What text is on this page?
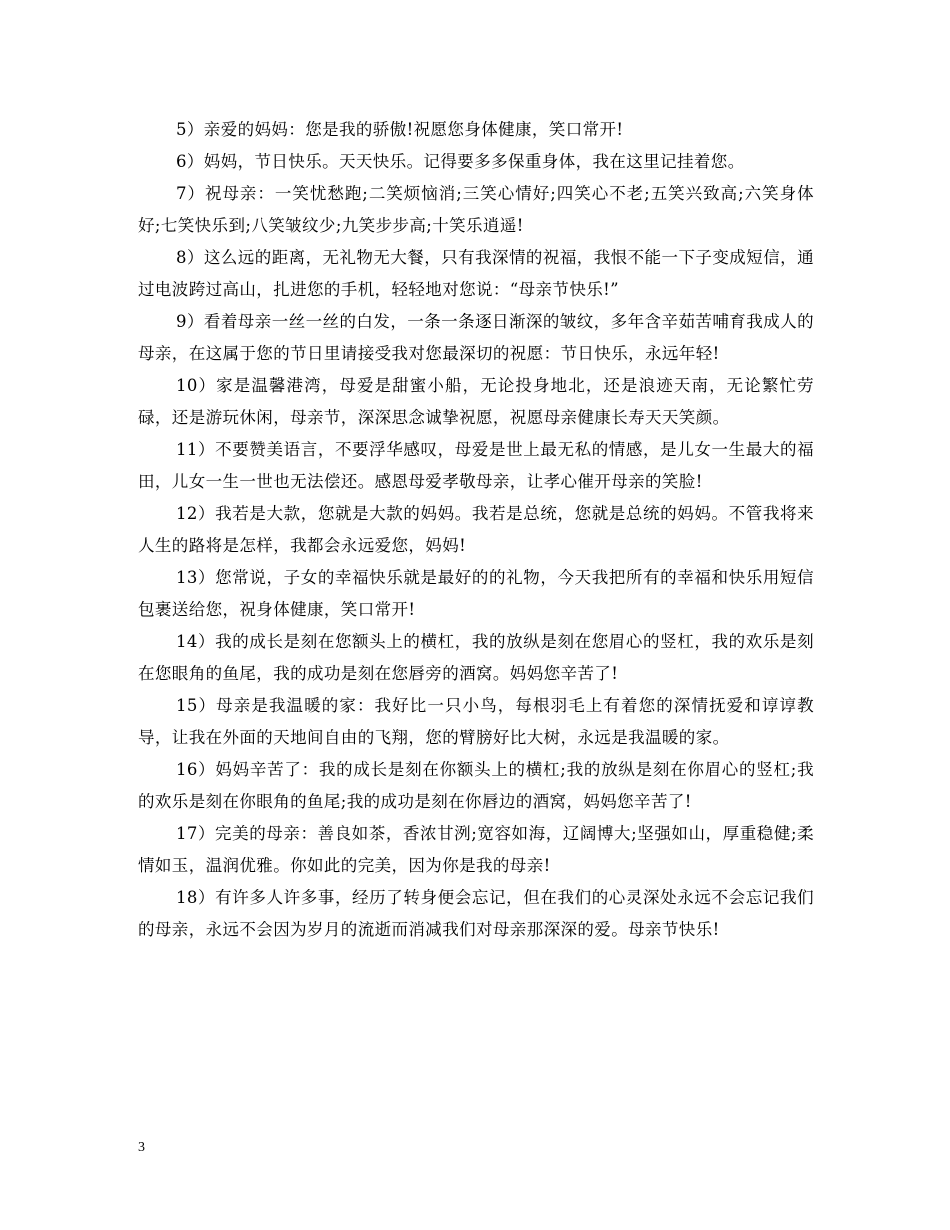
5）亲爱的妈妈：您是我的骄傲!祝愿您身体健康，笑口常开!

6）妈妈，节日快乐。天天快乐。记得要多多保重身体，我在这里记挂着您。

7）祝母亲：一笑忧愁跑;二笑烦恼消;三笑心情好;四笑心不老;五笑兴致高;六笑身体好;七笑快乐到;八笑皱纹少;九笑步步高;十笑乐逍遥!

8）这么远的距离，无礼物无大餐，只有我深情的祝福，我恨不能一下子变成短信，通过电波跨过高山，扎进您的手机，轻轻地对您说：“母亲节快乐!”

9）看着母亲一丝一丝的白发，一条一条逐日渐深的皱纹，多年含辛茹苦哺育我成人的母亲，在这属于您的节日里请接受我对您最深切的祝愿：节日快乐，永远年轻!

10）家是温馨港湾，母爱是甜蜜小船，无论投身地北，还是浪迹天南，无论繁忙劳碌，还是游玩休闲，母亲节，深深思念诚挚祝愿，祝愿母亲健康长寿天天笑颜。

11）不要赞美语言，不要浮华感叹，母爱是世上最无私的情感，是儿女一生最大的福田，儿女一生一世也无法偿还。感恩母爱孝敬母亲，让孝心催开母亲的笑脸!

12）我若是大款，您就是大款的妈妈。我若是总统，您就是总统的妈妈。不管我将来人生的路将是怎样，我都会永远爱您，妈妈!

13）您常说，子女的幸福快乐就是最好的的礼物，今天我把所有的幸福和快乐用短信包裹送给您，祝身体健康，笑口常开!

14）我的成长是刻在您额头上的横杠，我的放纵是刻在您眉心的竖杠，我的欢乐是刻在您眼角的鱼尾，我的成功是刻在您唇旁的酒窝。妈妈您辛苦了!

15）母亲是我温暖的家：我好比一只小鸟，每根羽毛上有着您的深情抚爱和谆谆教导，让我在外面的天地间自由的飞翔，您的臂膀好比大树，永远是我温暖的家。

16）妈妈辛苦了：我的成长是刻在你额头上的横杠;我的放纵是刻在你眉心的竖杠;我的欢乐是刻在你眼角的鱼尾;我的成功是刻在你唇边的酒窝，妈妈您辛苦了!

17）完美的母亲：善良如茶，香浓甘洌;宽容如海，辽阔博大;坚强如山，厚重稳健;柔情如玉，温润优雅。你如此的完美，因为你是我的母亲!

18）有许多人许多事，经历了转身便会忘记，但在我们的心灵深处永远不会忘记我们的母亲，永远不会因为岁月的流逝而消减我们对母亲那深深的爱。母亲节快乐!

3
